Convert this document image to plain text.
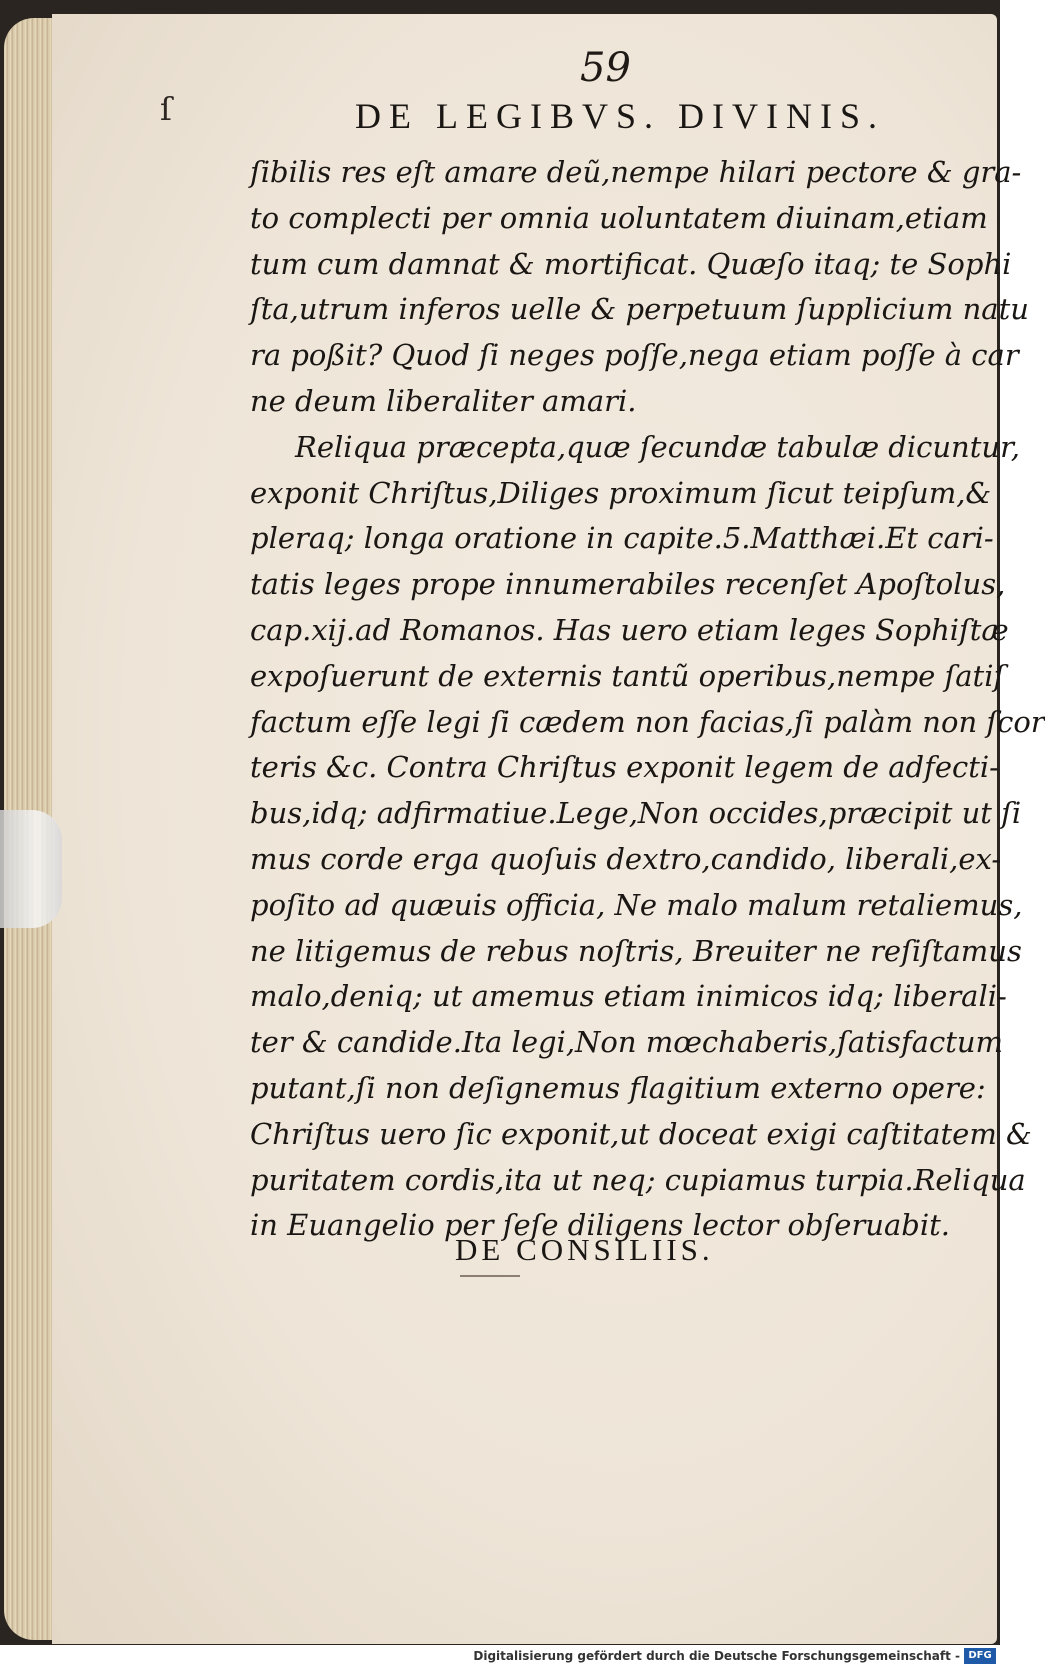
ſ
59
DE LEGIBVS. DIVINIS.
ſibilis res eſt amare deũ,nempe hilari pectore & gra-
to complecti per omnia uoluntatem diuinam,etiam
tum cum damnat & mortificat. Quæſo itaq; te Sophi
ſta,utrum inferos uelle & perpetuum ſupplicium natu
ra poßit? Quod ſi neges poſſe,nega etiam poſſe à car
ne deum liberaliter amari.
Reliqua præcepta,quæ ſecundæ tabulæ dicuntur,
exponit Chriſtus,Diliges proximum ſicut teipſum,&
pleraq; longa oratione in capite.5.Matthæi.Et cari-
tatis leges prope innumerabiles recenſet Apoſtolus,
cap.xij.ad Romanos. Has uero etiam leges Sophiſtæ
expoſuerunt de externis tantũ operibus,nempe ſatiſ
factum eſſe legi ſi cædem non facias,ſi palàm non ſcor
teris &c. Contra Chriſtus exponit legem de adfecti-
bus,idq; adfirmatiue.Lege,Non occides,præcipit ut ſi
mus corde erga quoſuis dextro,candido, liberali,ex-
poſito ad quæuis officia, Ne malo malum retaliemus,
ne litigemus de rebus noſtris, Breuiter ne reſiſtamus
malo,deniq; ut amemus etiam inimicos idq; liberali-
ter & candide.Ita legi,Non mœchaberis,ſatisfactum
putant,ſi non deſignemus flagitium externo opere:
Chriſtus uero ſic exponit,ut doceat exigi caſtitatem &
puritatem cordis,ita ut neq; cupiamus turpia.Reliqua
in Euangelio per ſeſe diligens lector obſeruabit.
DE CONSILIIS.
Digitalisierung gefördert durch die Deutsche Forschungsgemeinschaft - DFG
